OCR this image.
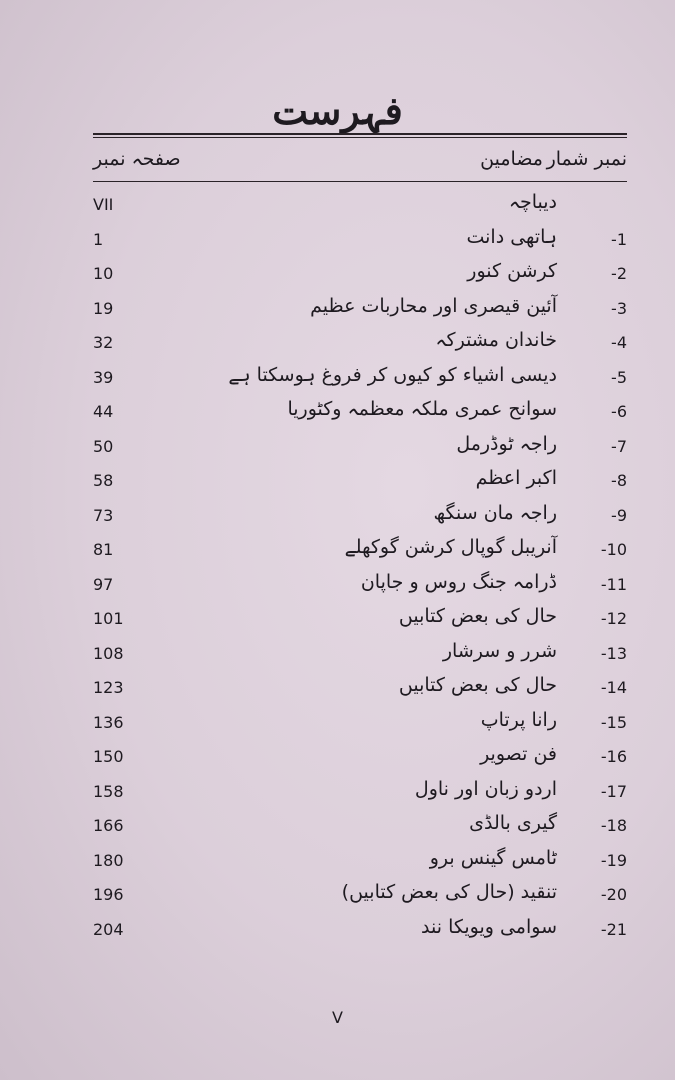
فہرست
نمبر شمار
مضامین
صفحہ نمبر
دیباچہ
VII
-1
ہاتھی دانت
1
-2
کرشن کنور
10
-3
آئین قیصری اور محاربات عظیم
19
-4
خاندان مشترکہ
32
-5
دیسی اشیاء کو کیوں کر فروغ ہوسکتا ہے
39
-6
سوانح عمری ملکہ معظمہ وکٹوریا
44
-7
راجہ ٹوڈرمل
50
-8
اکبر اعظم
58
-9
راجہ مان سنگھ
73
-10
آنریبل گوپال کرشن گوکھلے
81
-11
ڈرامہ جنگ روس و جاپان
97
-12
حال کی بعض کتابیں
101
-13
شرر و سرشار
108
-14
حال کی بعض کتابیں
123
-15
رانا پرتاپ
136
-16
فن تصویر
150
-17
اردو زبان اور ناول
158
-18
گیری بالڈی
166
-19
ٹامس گینس برو
180
-20
تنقید (حال کی بعض کتابیں)
196
-21
سوامی ویویکا نند
204
V
